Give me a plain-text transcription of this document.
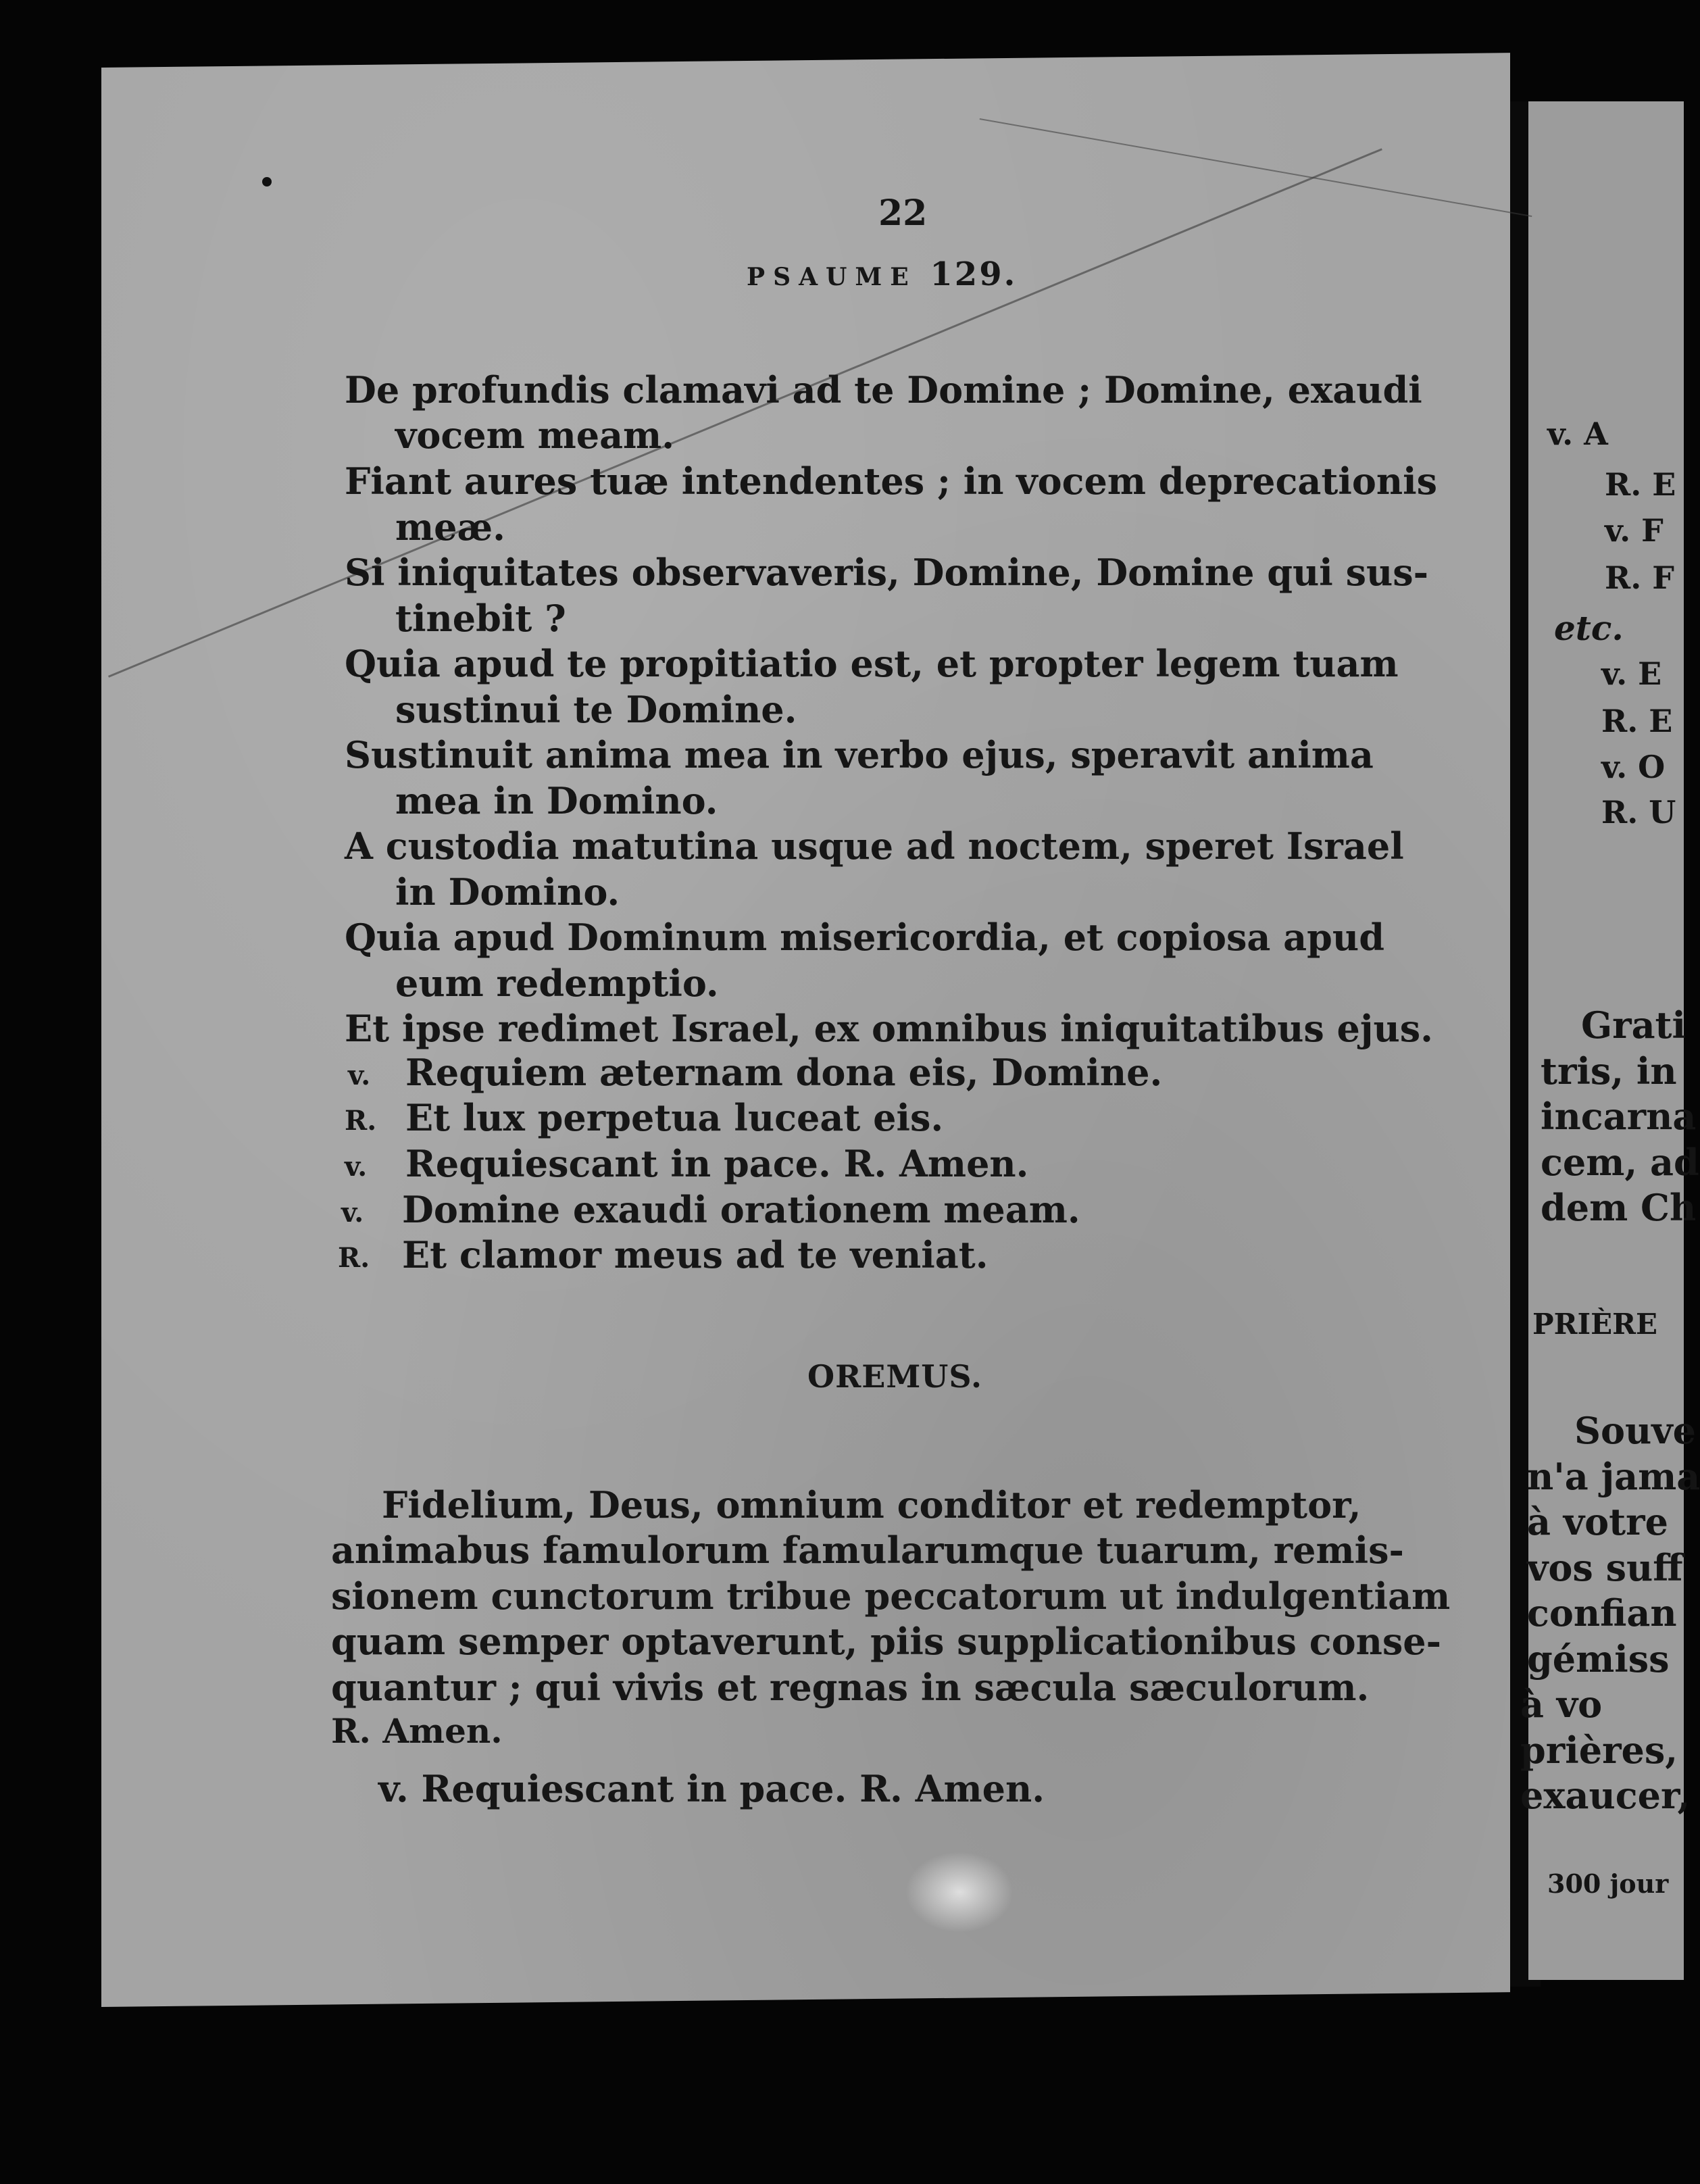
22
PSAUME 129.
De profundis clamavi ad te Domine ; Domine, exaudi
vocem meam.
Fiant aures tuæ intendentes ; in vocem deprecationis
meæ.
Si iniquitates observaveris, Domine, Domine qui sus-
tinebit ?
Quia apud te propitiatio est, et propter legem tuam
sustinui te Domine.
Sustinuit anima mea in verbo ejus, speravit anima
mea in Domino.
A custodia matutina usque ad noctem, speret Israel
in Domino.
Quia apud Dominum misericordia, et copiosa apud
eum redemptio.
Et ipse redimet Israel, ex omnibus iniquitatibus ejus.
v. Requiem æternam dona eis, Domine.
R. Et lux perpetua luceat eis.
v. Requiescant in pace. R. Amen.
v. Domine exaudi orationem meam.
R. Et clamor meus ad te veniat.
OREMUS.
Fidelium, Deus, omnium conditor et redemptor,
animabus famulorum famularumque tuarum, remis-
sionem cunctorum tribue peccatorum ut indulgentiam
quam semper optaverunt, piis supplicationibus conse-
quantur ; qui vivis et regnas in sæcula sæculorum.
R. Amen.
v. Requiescant in pace. R. Amen.
v. A
R. E
v. F
R. F
etc.
v. E
R. E
v. O
R. U
Grati
tris, in
incarna
cem, ad
dem Ch
PRIÈRE
Souve
n'a jama
à votre
vos suff
confian
gémiss
à vo
prières,
exaucer,
300 jour
